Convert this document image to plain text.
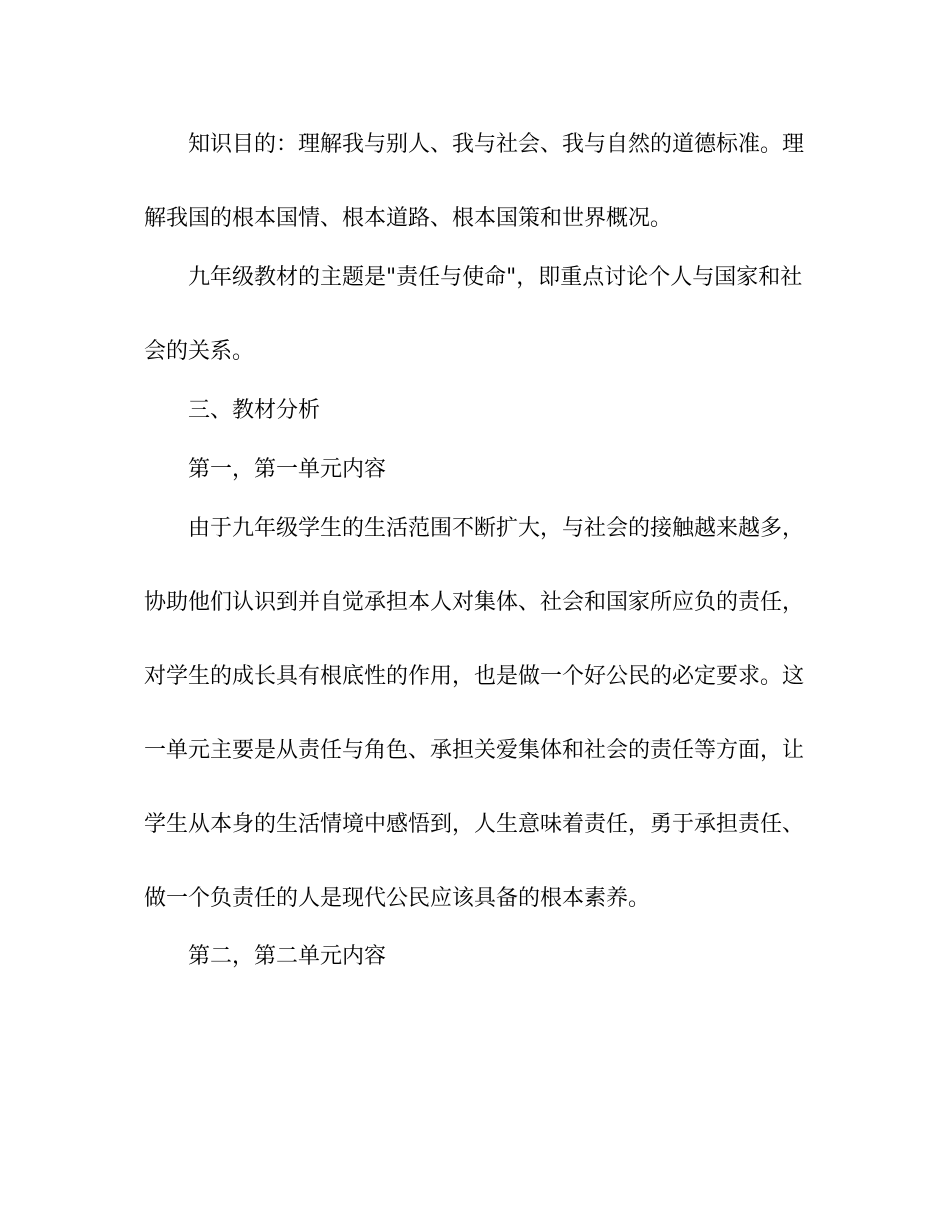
知识目的：理解我与别人、我与社会、我与自然的道德标准。理
解我国的根本国情、根本道路、根本国策和世界概况。
九年级教材的主题是"责任与使命"，即重点讨论个人与国家和社
会的关系。
三、教材分析
第一，第一单元内容
由于九年级学生的生活范围不断扩大，与社会的接触越来越多，
协助他们认识到并自觉承担本人对集体、社会和国家所应负的责任，
对学生的成长具有根底性的作用，也是做一个好公民的必定要求。这
一单元主要是从责任与角色、承担关爱集体和社会的责任等方面，让
学生从本身的生活情境中感悟到，人生意味着责任，勇于承担责任、
做一个负责任的人是现代公民应该具备的根本素养。
第二，第二单元内容
